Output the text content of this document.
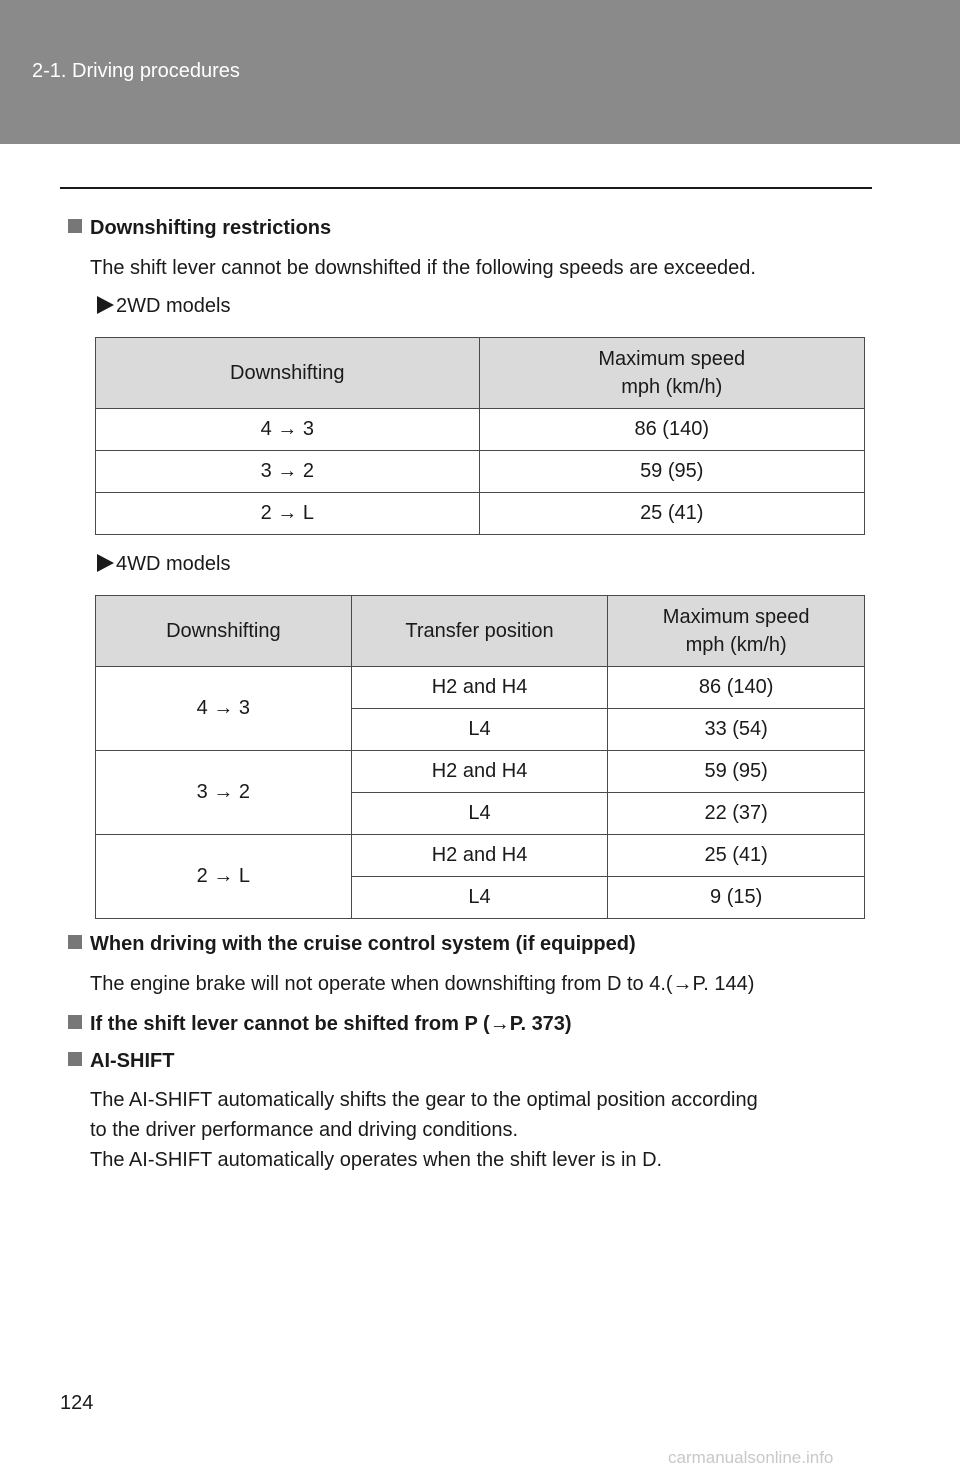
2-1. Driving procedures
Downshifting restrictions
The shift lever cannot be downshifted if the following speeds are exceeded.
2WD models
Downshifting	Maximum speed
mph (km/h)
4 → 3	86 (140)
3 → 2	59 (95)
2 → L	25 (41)
4WD models
Downshifting	Transfer position	Maximum speed
mph (km/h)
4 → 3	H2 and H4	86 (140)
	L4	33 (54)
3 → 2	H2 and H4	59 (95)
	L4	22 (37)
2 → L	H2 and H4	25 (41)
	L4	9 (15)
When driving with the cruise control system (if equipped)
The engine brake will not operate when downshifting from D to 4.(→P. 144)
If the shift lever cannot be shifted from P (→P. 373)
AI-SHIFT
The AI-SHIFT automatically shifts the gear to the optimal position according
to the driver performance and driving conditions.
The AI-SHIFT automatically operates when the shift lever is in D.
124
carmanualsonline.info
